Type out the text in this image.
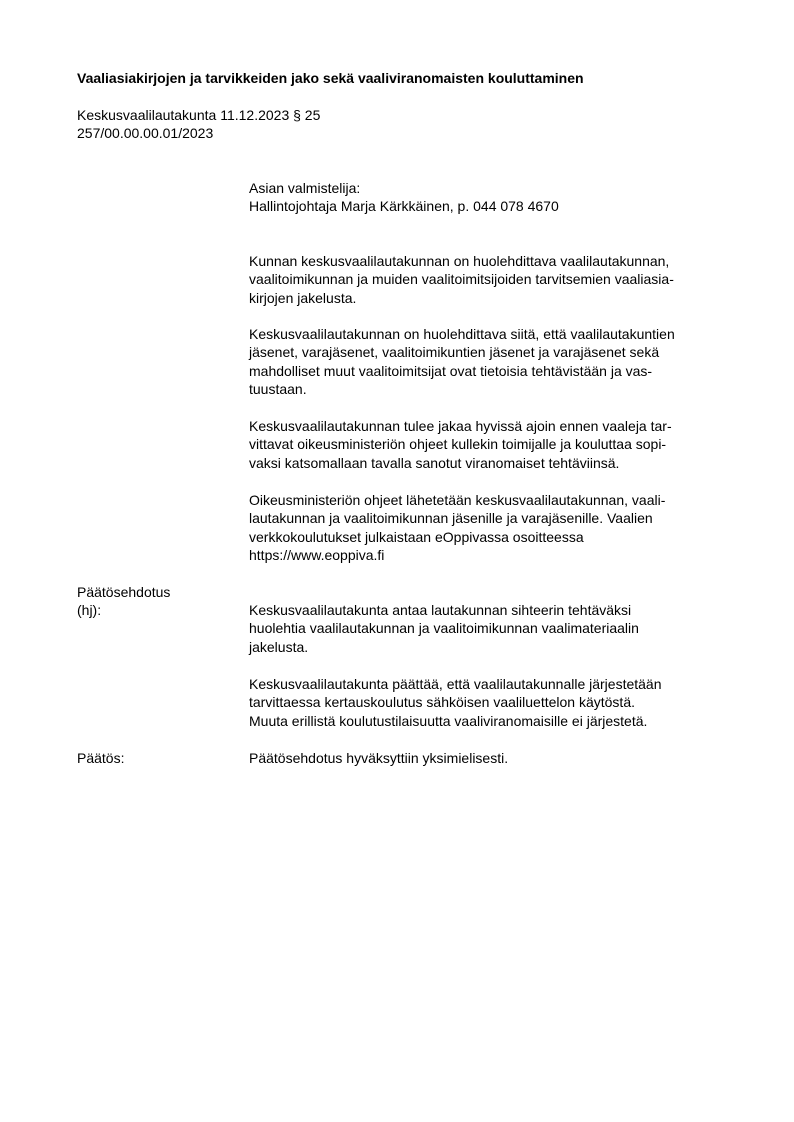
Vaaliasiakirjojen ja tarvikkeiden jako sekä vaaliviranomaisten kouluttaminen
Keskusvaalilautakunta 11.12.2023 § 25
257/00.00.00.01/2023
Asian valmistelija:
Hallintojohtaja Marja Kärkkäinen, p. 044 078 4670
Kunnan keskusvaalilautakunnan on huolehdittava vaalilautakunnan,
vaalitoimikunnan ja muiden vaalitoimitsijoiden tarvitsemien vaaliasia-
kirjojen jakelusta.
Keskusvaalilautakunnan on huolehdittava siitä, että vaalilautakuntien
jäsenet, varajäsenet, vaalitoimikuntien jäsenet ja varajäsenet sekä
mahdolliset muut vaalitoimitsijat ovat tietoisia tehtävistään ja vas-
tuustaan.
Keskusvaalilautakunnan tulee jakaa hyvissä ajoin ennen vaaleja tar-
vittavat oikeusministeriön ohjeet kullekin toimijalle ja kouluttaa sopi-
vaksi katsomallaan tavalla sanotut viranomaiset tehtäviinsä.
Oikeusministeriön ohjeet lähetetään keskusvaalilautakunnan, vaali-
lautakunnan ja vaalitoimikunnan jäsenille ja varajäsenille. Vaalien
verkkokoulutukset julkaistaan eOppivassa osoitteessa
https://www.eoppiva.fi
Päätösehdotus
(hj):	Keskusvaalilautakunta antaa lautakunnan sihteerin tehtäväksi
huolehtia vaalilautakunnan ja vaalitoimikunnan vaalimateriaalin
jakelusta.
Keskusvaalilautakunta päättää, että vaalilautakunnalle järjestetään
tarvittaessa kertauskoulutus sähköisen vaaliluettelon käytöstä.
Muuta erillistä koulutustilaisuutta vaaliviranomaisille ei järjestetä.
Päätös:	Päätösehdotus hyväksyttiin yksimielisesti.
